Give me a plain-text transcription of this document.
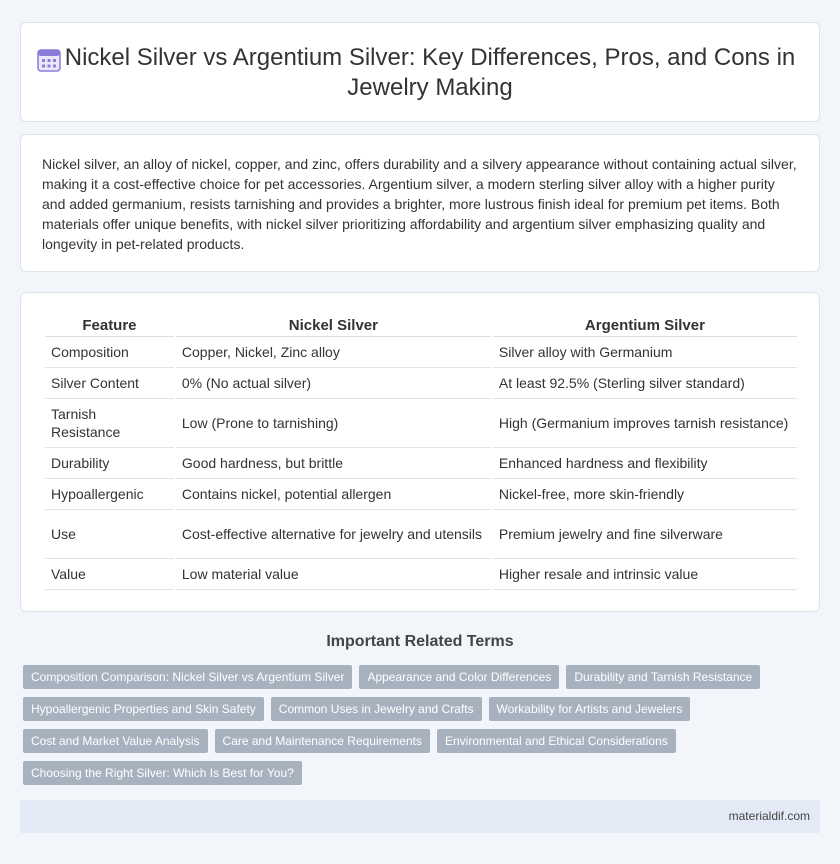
Nickel Silver vs Argentium Silver: Key Differences, Pros, and Cons in Jewelry Making

Nickel silver, an alloy of nickel, copper, and zinc, offers durability and a silvery appearance without containing actual silver, making it a cost-effective choice for pet accessories. Argentium silver, a modern sterling silver alloy with a higher purity and added germanium, resists tarnishing and provides a brighter, more lustrous finish ideal for premium pet items. Both materials offer unique benefits, with nickel silver prioritizing affordability and argentium silver emphasizing quality and longevity in pet-related products.

Feature	Nickel Silver	Argentium Silver
Composition	Copper, Nickel, Zinc alloy	Silver alloy with Germanium
Silver Content	0% (No actual silver)	At least 92.5% (Sterling silver standard)
Tarnish Resistance	Low (Prone to tarnishing)	High (Germanium improves tarnish resistance)
Durability	Good hardness, but brittle	Enhanced hardness and flexibility
Hypoallergenic	Contains nickel, potential allergen	Nickel-free, more skin-friendly
Use	Cost-effective alternative for jewelry and utensils	Premium jewelry and fine silverware
Value	Low material value	Higher resale and intrinsic value
Important Related Terms
Composition Comparison: Nickel Silver vs Argentium Silver	Appearance and Color Differences	Durability and Tarnish Resistance
Hypoallergenic Properties and Skin Safety	Common Uses in Jewelry and Crafts	Workability for Artists and Jewelers
Cost and Market Value Analysis	Care and Maintenance Requirements	Environmental and Ethical Considerations
Choosing the Right Silver: Which Is Best for You?
materialdif.com
